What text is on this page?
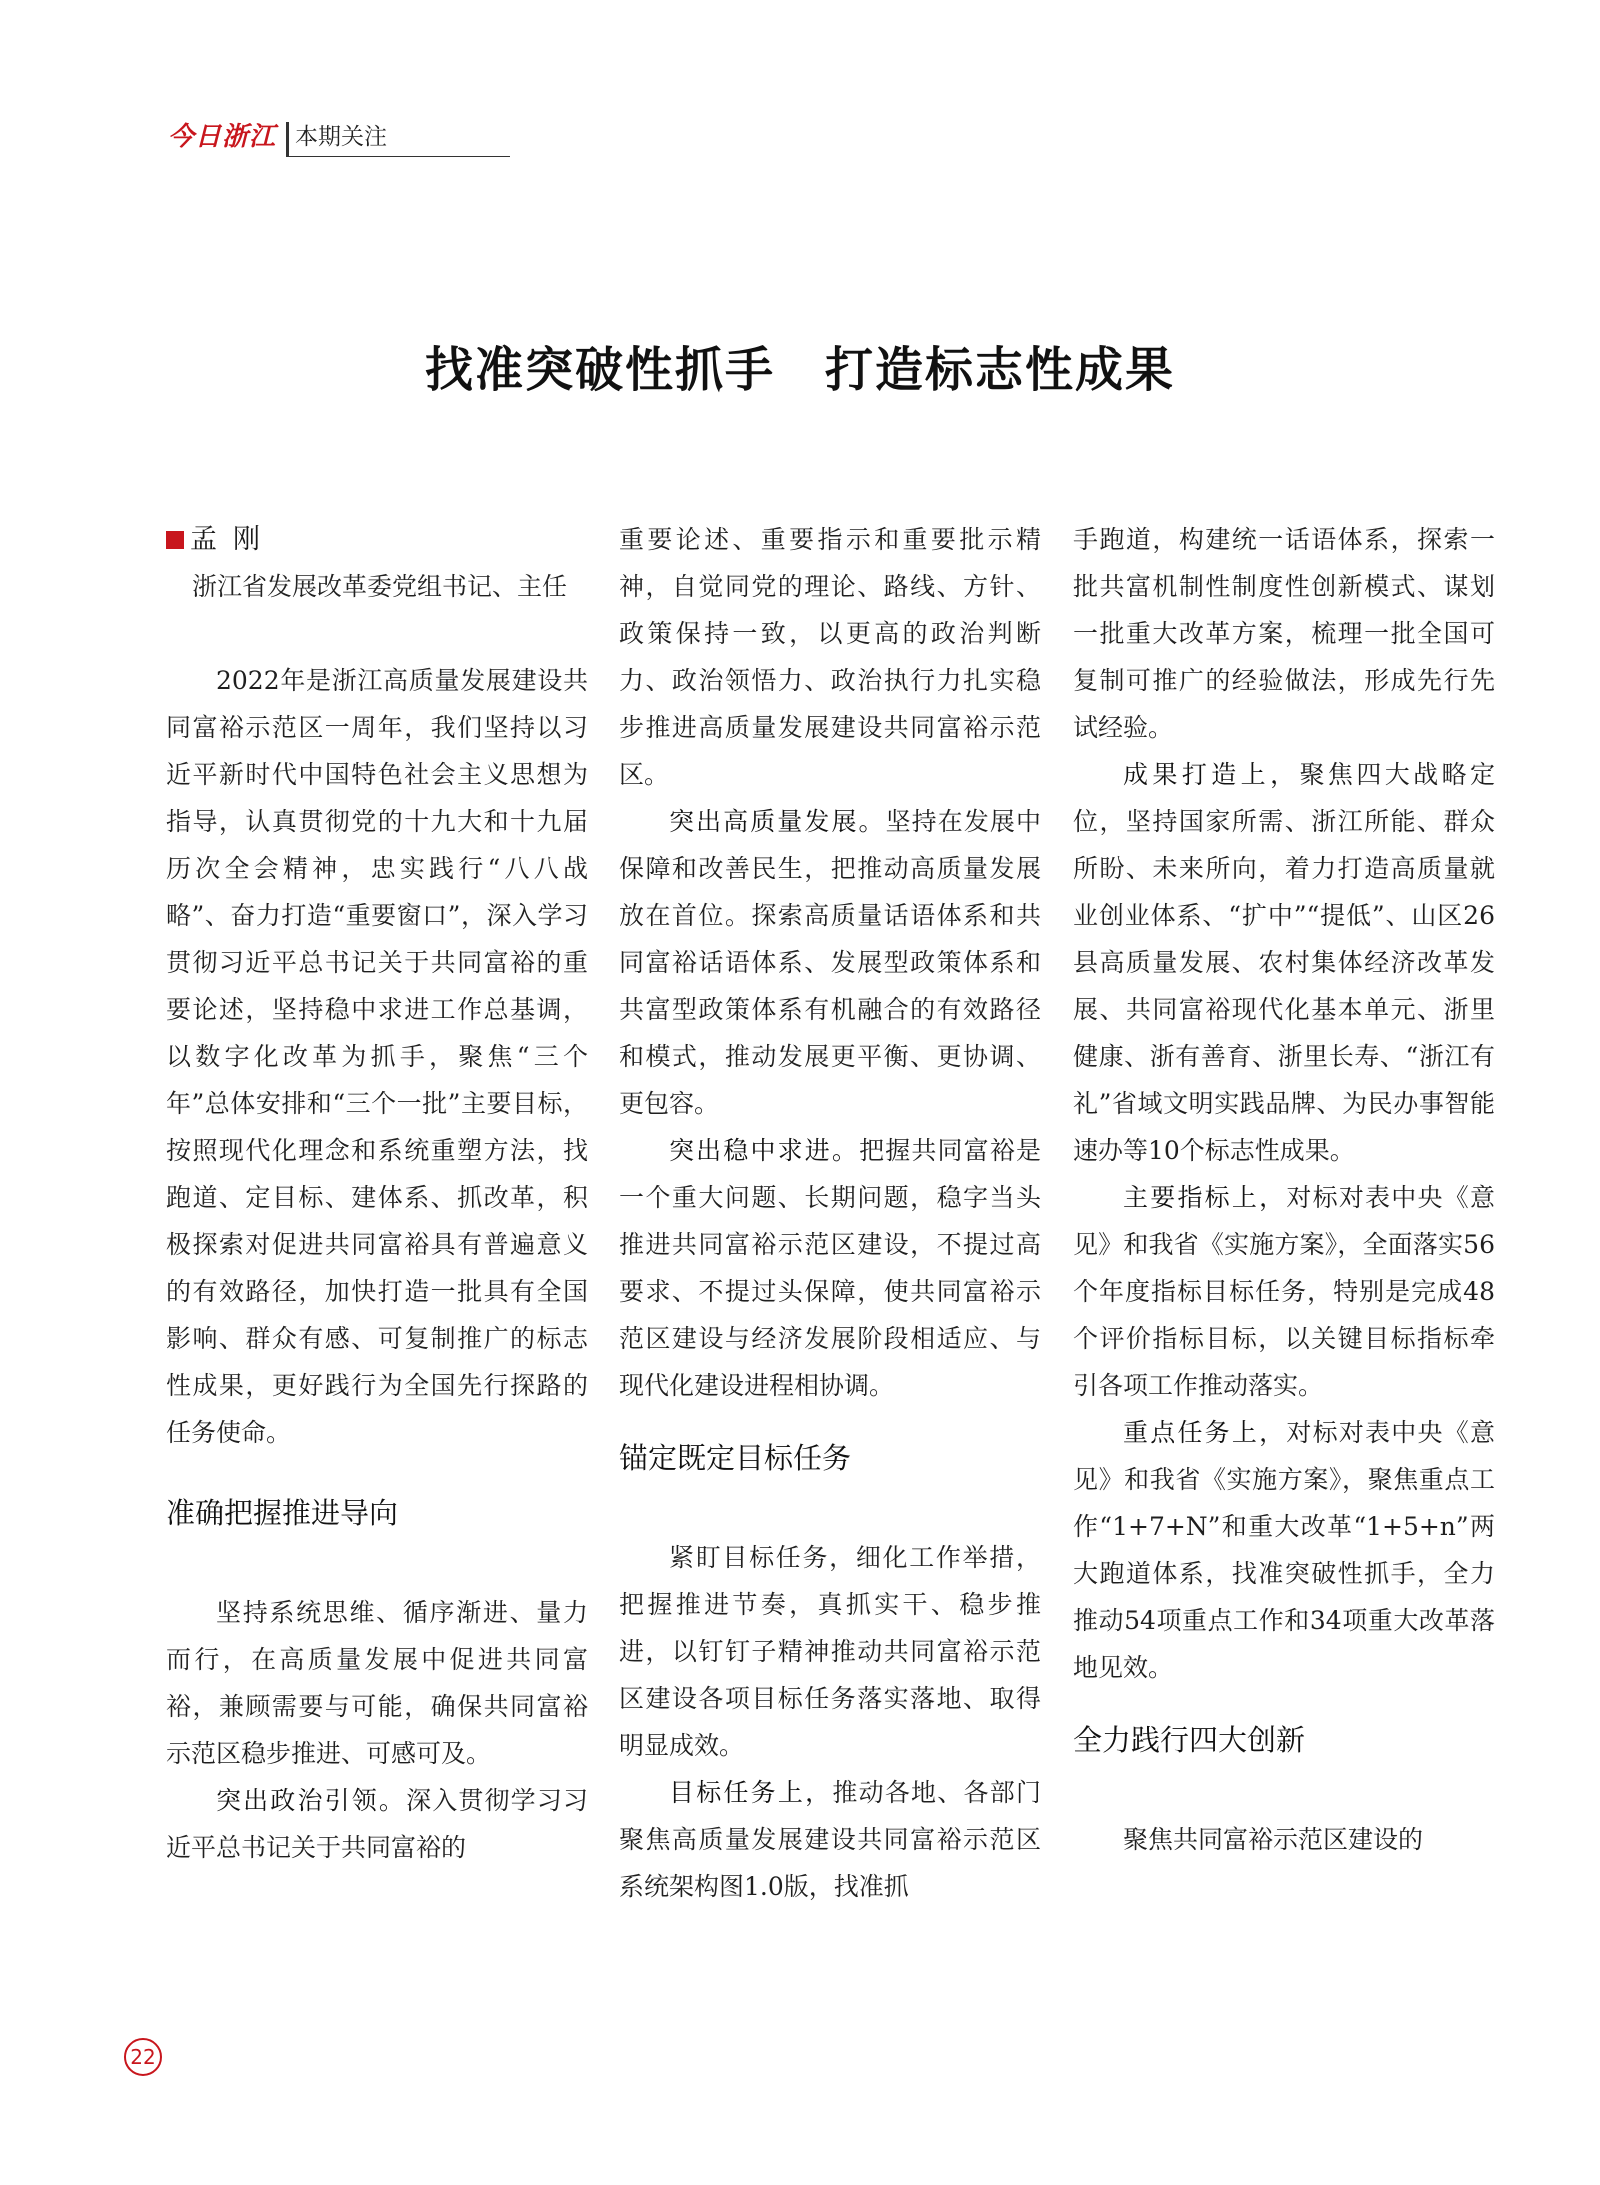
今日浙江 本期关注
找准突破性抓手　打造标志性成果
孟刚

浙江省发展改革委党组书记、主任

2022年是浙江高质量发展建设共同富裕示范区一周年，我们坚持以习近平新时代中国特色社会主义思想为指导，认真贯彻党的十九大和十九届历次全会精神，忠实践行“八八战略”、奋力打造“重要窗口”，深入学习贯彻习近平总书记关于共同富裕的重要论述，坚持稳中求进工作总基调，以数字化改革为抓手，聚焦“三个年”总体安排和“三个一批”主要目标，按照现代化理念和系统重塑方法，找跑道、定目标、建体系、抓改革，积极探索对促进共同富裕具有普遍意义的有效路径，加快打造一批具有全国影响、群众有感、可复制推广的标志性成果，更好践行为全国先行探路的任务使命。

准确把握推进导向

坚持系统思维、循序渐进、量力而行，在高质量发展中促进共同富裕，兼顾需要与可能，确保共同富裕示范区稳步推进、可感可及。

突出政治引领。深入贯彻学习习近平总书记关于共同富裕的

重要论述、重要指示和重要批示精神，自觉同党的理论、路线、方针、政策保持一致，以更高的政治判断力、政治领悟力、政治执行力扎实稳步推进高质量发展建设共同富裕示范区。

突出高质量发展。坚持在发展中保障和改善民生，把推动高质量发展放在首位。探索高质量话语体系和共同富裕话语体系、发展型政策体系和共富型政策体系有机融合的有效路径和模式，推动发展更平衡、更协调、更包容。

突出稳中求进。把握共同富裕是一个重大问题、长期问题，稳字当头推进共同富裕示范区建设，不提过高要求、不提过头保障，使共同富裕示范区建设与经济发展阶段相适应、与现代化建设进程相协调。

锚定既定目标任务

紧盯目标任务，细化工作举措，把握推进节奏，真抓实干、稳步推进，以钉钉子精神推动共同富裕示范区建设各项目标任务落实落地、取得明显成效。

目标任务上，推动各地、各部门聚焦高质量发展建设共同富裕示范区系统架构图1.0版，找准抓

手跑道，构建统一话语体系，探索一批共富机制性制度性创新模式、谋划一批重大改革方案，梳理一批全国可复制可推广的经验做法，形成先行先试经验。

成果打造上，聚焦四大战略定位，坚持国家所需、浙江所能、群众所盼、未来所向，着力打造高质量就业创业体系、“扩中”“提低”、山区26县高质量发展、农村集体经济改革发展、共同富裕现代化基本单元、浙里健康、浙有善育、浙里长寿、“浙江有礼”省域文明实践品牌、为民办事智能速办等10个标志性成果。

主要指标上，对标对表中央《意见》和我省《实施方案》，全面落实56个年度指标目标任务，特别是完成48个评价指标目标，以关键目标指标牵引各项工作推动落实。

重点任务上，对标对表中央《意见》和我省《实施方案》，聚焦重点工作“1+7+N”和重大改革“1+5+n”两大跑道体系，找准突破性抓手，全力推动54项重点工作和34项重大改革落地见效。

全力践行四大创新

聚焦共同富裕示范区建设的

22
